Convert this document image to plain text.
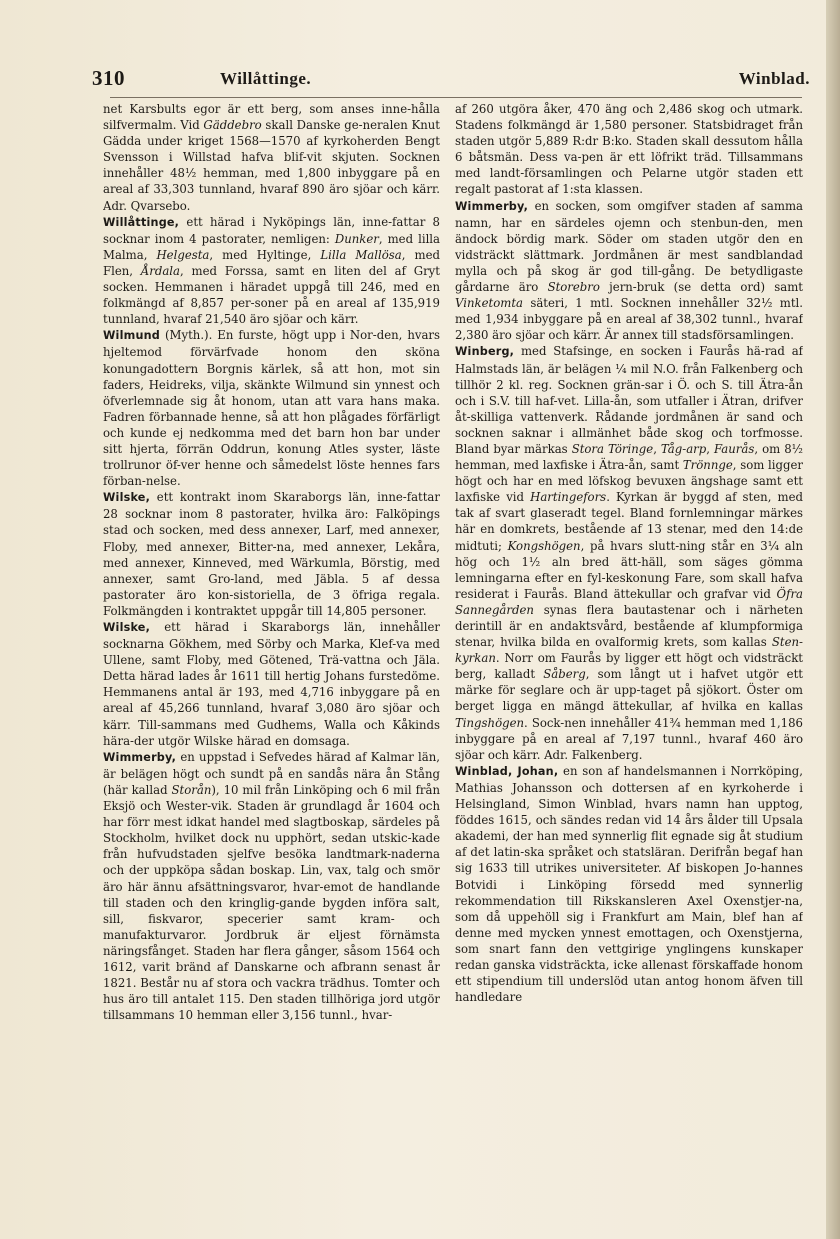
310	Willåttinge.	Winblad.

net Karsbults egor är ett berg, som anses inne-hålla silfvermalm. Vid Gäddebro skall Danske ge-neralen Knut Gädda under kriget 1568—1570 af kyrkoherden Bengt Svensson i Willstad hafva blif-vit skjuten. Socknen innehåller 48½ hemman, med 1,800 inbyggare på en areal af 33,303 tunnland, hvaraf 890 äro sjöar och kärr. Adr. Qvarsebo.

Willåttinge, ett härad i Nyköpings län, inne-fattar 8 socknar inom 4 pastorater, nemligen: Dunker, med lilla Malma, Helgesta, med Hyltinge, Lilla Mallösa, med Flen, Årdala, med Forssa, samt en liten del af Gryt socken. Hemmanen i häradet uppgå till 246, med en folkmängd af 8,857 per-soner på en areal af 135,919 tunnland, hvaraf 21,540 äro sjöar och kärr.

Wilmund (Myth.). En furste, högt upp i Nor-den, hvars hjeltemod förvärfvade honom den sköna konungadottern Borgnis kärlek, så att hon, mot sin faders, Heidreks, vilja, skänkte Wilmund sin ynnest och öfverlemnade sig åt honom, utan att vara hans maka. Fadren förbannade henne, så att hon plågades förfärligt och kunde ej nedkomma med det barn hon bar under sitt hjerta, förrän Oddrun, konung Atles syster, läste trollrunor öf-ver henne och såmedelst löste hennes fars förban-nelse.

Wilske, ett kontrakt inom Skaraborgs län, inne-fattar 28 socknar inom 8 pastorater, hvilka äro: Falköpings stad och socken, med dess annexer, Larf, med annexer, Floby, med annexer, Bitter-na, med annexer, Lekåra, med annexer, Kinneved, med Wärkumla, Börstig, med annexer, samt Gro-land, med Jäbla. 5 af dessa pastorater äro kon-sistoriella, de 3 öfriga regala. Folkmängden i kontraktet uppgår till 14,805 personer.

Wilske, ett härad i Skaraborgs län, innehåller socknarna Gökhem, med Sörby och Marka, Klef-va med Ullene, samt Floby, med Götened, Trä-vattna och Jäla. Detta härad lades år 1611 till hertig Johans furstedöme. Hemmanens antal är 193, med 4,716 inbyggare på en areal af 45,266 tunnland, hvaraf 3,080 äro sjöar och kärr. Till-sammans med Gudhems, Walla och Kåkinds hära-der utgör Wilske härad en domsaga.

Wimmerby, en uppstad i Sefvedes härad af Kalmar län, är belägen högt och sundt på en sandås nära ån Stång (här kallad Storån), 10 mil från Linköping och 6 mil från Eksjö och Wester-vik. Staden är grundlagd år 1604 och har förr mest idkat handel med slagtboskap, särdeles på Stockholm, hvilket dock nu upphört, sedan utskic-kade från hufvudstaden sjelfve besöka landtmark-naderna och der uppköpa sådan boskap. Lin, vax, talg och smör äro här ännu afsättningsvaror, hvar-emot de handlande till staden och den kringlig-gande bygden införa salt, sill, fiskvaror, specerier samt kram- och manufakturvaror. Jordbruk är eljest förnämsta näringsfånget. Staden har flera gånger, såsom 1564 och 1612, varit bränd af Danskarne och afbrann senast år 1821. Består nu af stora och vackra trädhus. Tomter och hus äro till antalet 115. Den staden tillhöriga jord utgör tillsammans 10 hemman eller 3,156 tunnl., hvar-

af 260 utgöra åker, 470 äng och 2,486 skog och utmark. Stadens folkmängd är 1,580 personer. Statsbidraget från staden utgör 5,889 R:dr B:ko. Staden skall dessutom hålla 6 båtsmän. Dess va-pen är ett löfrikt träd. Tillsammans med landt-församlingen och Pelarne utgör staden ett regalt pastorat af 1:sta klassen.

Wimmerby, en socken, som omgifver staden af samma namn, har en särdeles ojemn och stenbun-den, men ändock bördig mark. Söder om staden utgör den en vidsträckt slättmark. Jordmånen är mest sandblandad mylla och på skog är god till-gång. De betydligaste gårdarne äro Storebro jern-bruk (se detta ord) samt Vinketomta säteri, 1 mtl. Socknen innehåller 32½ mtl. med 1,934 inbyggare på en areal af 38,302 tunnl., hvaraf 2,380 äro sjöar och kärr. Är annex till stadsförsamlingen.

Winberg, med Stafsinge, en socken i Faurås hä-rad af Halmstads län, är belägen ¼ mil N.O. från Falkenberg och tillhör 2 kl. reg. Socknen grän-sar i Ö. och S. till Ätra-ån och i S.V. till haf-vet. Lilla-ån, som utfaller i Ätran, drifver åt-skilliga vattenverk. Rådande jordmånen är sand och socknen saknar i allmänhet både skog och torfmosse. Bland byar märkas Stora Töringe, Tåg-arp, Faurås, om 8½ hemman, med laxfiske i Ätra-ån, samt Trönnge, som ligger högt och har en med löfskog bevuxen ängshage samt ett laxfiske vid Hartingefors. Kyrkan är byggd af sten, med tak af svart glaseradt tegel. Bland fornlemningar märkes här en domkrets, bestående af 13 stenar, med den 14:de midtuti; Kongshögen, på hvars slutt-ning står en 3¼ aln hög och 1½ aln bred ätt-häll, som säges gömma lemningarna efter en fyl-keskonung Fare, som skall hafva residerat i Faurås. Bland ättekullar och grafvar vid Öfra Sannegården synas flera bautastenar och i närheten derintill är en andaktsvård, bestående af klumpformiga stenar, hvilka bilda en ovalformig krets, som kallas Sten-kyrkan. Norr om Faurås by ligger ett högt och vidsträckt berg, kalladt Såberg, som långt ut i hafvet utgör ett märke för seglare och är upp-taget på sjökort. Öster om berget ligga en mängd ättekullar, af hvilka en kallas Tingshögen. Sock-nen innehåller 41¾ hemman med 1,186 inbyggare på en areal af 7,197 tunnl., hvaraf 460 äro sjöar och kärr. Adr. Falkenberg.

Winblad, Johan, en son af handelsmannen i Norrköping, Mathias Johansson och dottersen af en kyrkoherde i Helsingland, Simon Winblad, hvars namn han upptog, föddes 1615, och sändes redan vid 14 års ålder till Upsala akademi, der han med synnerlig flit egnade sig åt studium af det latin-ska språket och statsläran. Derifrån begaf han sig 1633 till utrikes universiteter. Af biskopen Jo-hannes Botvidi i Linköping försedd med synnerlig rekommendation till Rikskansleren Axel Oxenstjer-na, som då uppehöll sig i Frankfurt am Main, blef han af denne med mycken ynnest emottagen, och Oxenstjerna, som snart fann den vettgirige ynglingens kunskaper redan ganska vidsträckta, icke allenast förskaffade honom ett stipendium till underslöd utan antog honom äfven till handledare
